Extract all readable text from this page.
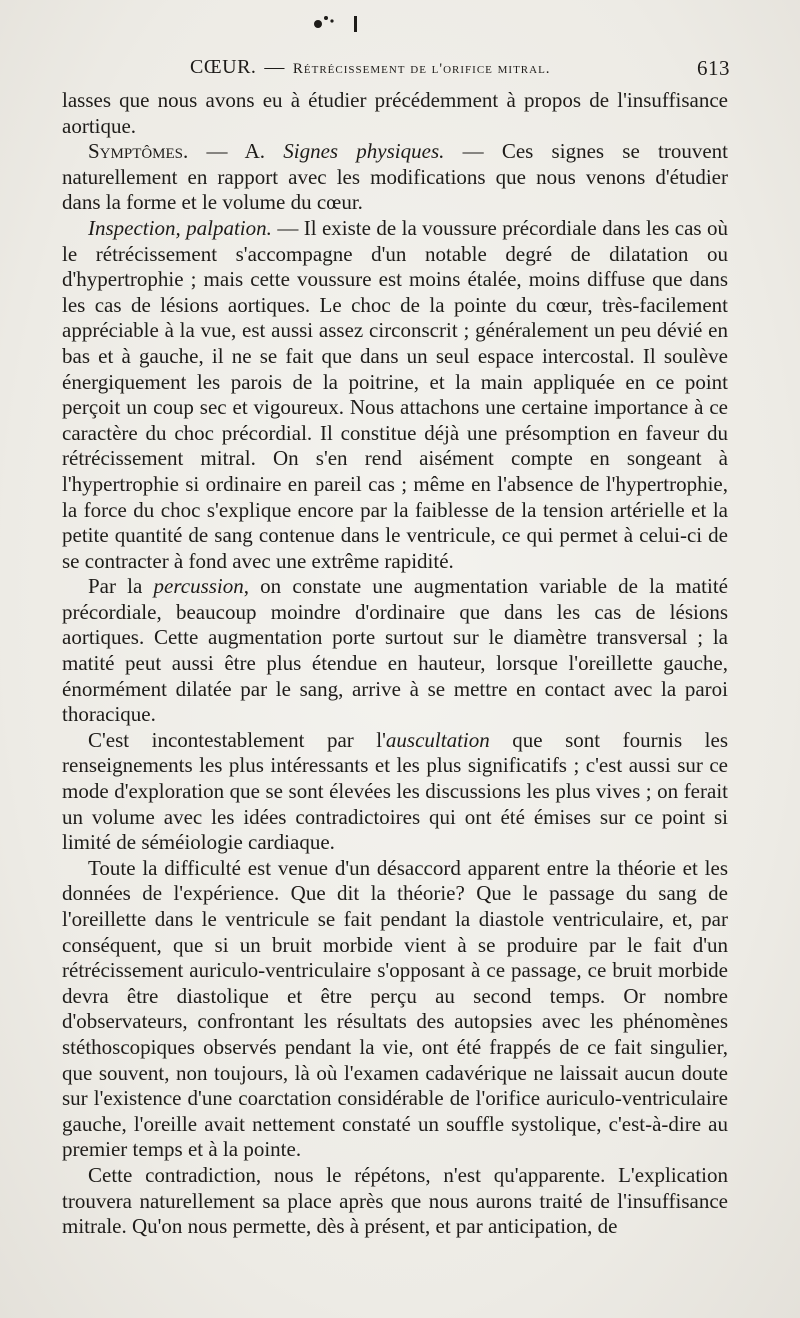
CŒUR. — Rétrécissement de l'orifice mitral.	613

lasses que nous avons eu à étudier précédemment à propos de l'insuffisance aortique.

Symptômes. — A. Signes physiques. — Ces signes se trouvent naturellement en rapport avec les modifications que nous venons d'étudier dans la forme et le volume du cœur.

Inspection, palpation. — Il existe de la voussure précordiale dans les cas où le rétrécissement s'accompagne d'un notable degré de dilatation ou d'hypertrophie ; mais cette voussure est moins étalée, moins diffuse que dans les cas de lésions aortiques. Le choc de la pointe du cœur, très-facilement appréciable à la vue, est aussi assez circonscrit ; généralement un peu dévié en bas et à gauche, il ne se fait que dans un seul espace intercostal. Il soulève énergiquement les parois de la poitrine, et la main appliquée en ce point perçoit un coup sec et vigoureux. Nous attachons une certaine importance à ce caractère du choc précordial. Il constitue déjà une présomption en faveur du rétrécissement mitral. On s'en rend aisément compte en songeant à l'hypertrophie si ordinaire en pareil cas ; même en l'absence de l'hypertrophie, la force du choc s'explique encore par la faiblesse de la tension artérielle et la petite quantité de sang contenue dans le ventricule, ce qui permet à celui-ci de se contracter à fond avec une extrême rapidité.

Par la percussion, on constate une augmentation variable de la matité précordiale, beaucoup moindre d'ordinaire que dans les cas de lésions aortiques. Cette augmentation porte surtout sur le diamètre transversal ; la matité peut aussi être plus étendue en hauteur, lorsque l'oreillette gauche, énormément dilatée par le sang, arrive à se mettre en contact avec la paroi thoracique.

C'est incontestablement par l'auscultation que sont fournis les renseignements les plus intéressants et les plus significatifs ; c'est aussi sur ce mode d'exploration que se sont élevées les discussions les plus vives ; on ferait un volume avec les idées contradictoires qui ont été émises sur ce point si limité de séméiologie cardiaque.

Toute la difficulté est venue d'un désaccord apparent entre la théorie et les données de l'expérience. Que dit la théorie? Que le passage du sang de l'oreillette dans le ventricule se fait pendant la diastole ventriculaire, et, par conséquent, que si un bruit morbide vient à se produire par le fait d'un rétrécissement auriculo-ventriculaire s'opposant à ce passage, ce bruit morbide devra être diastolique et être perçu au second temps. Or nombre d'observateurs, confrontant les résultats des autopsies avec les phénomènes stéthoscopiques observés pendant la vie, ont été frappés de ce fait singulier, que souvent, non toujours, là où l'examen cadavérique ne laissait aucun doute sur l'existence d'une coarctation considérable de l'orifice auriculo-ventriculaire gauche, l'oreille avait nettement constaté un souffle systolique, c'est-à-dire au premier temps et à la pointe.

Cette contradiction, nous le répétons, n'est qu'apparente. L'explication trouvera naturellement sa place après que nous aurons traité de l'insuffisance mitrale. Qu'on nous permette, dès à présent, et par anticipation, de
